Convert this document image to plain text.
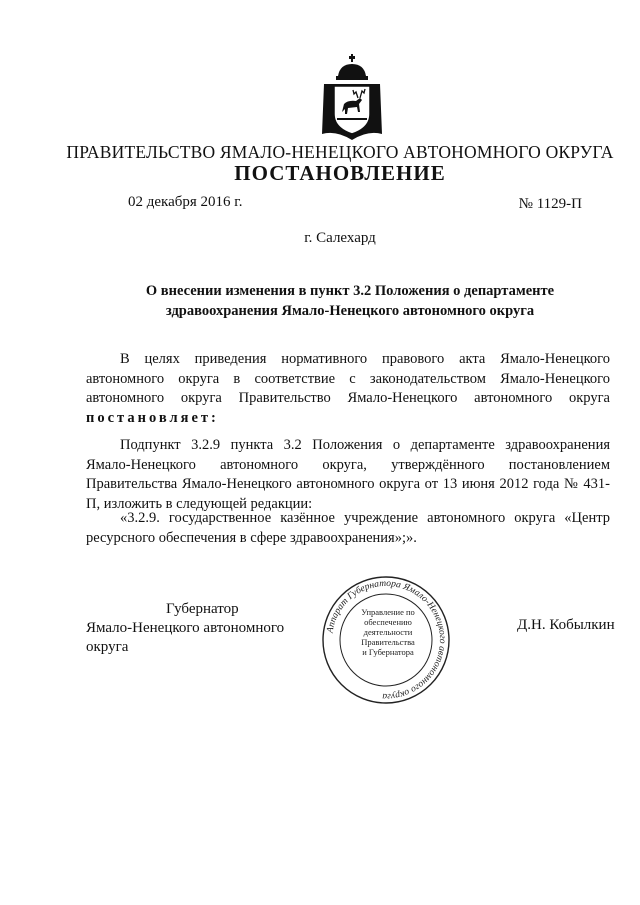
ПРАВИТЕЛЬСТВО ЯМАЛО-НЕНЕЦКОГО АВТОНОМНОГО ОКРУГА
ПОСТАНОВЛЕНИЕ
02 декабря 2016 г.	№ 1129-П
г. Салехард
О внесении изменения в пункт 3.2 Положения о департаменте здравоохранения Ямало-Ненецкого автономного округа

В целях приведения нормативного правового акта Ямало-Ненецкого автономного округа в соответствие с законодательством Ямало-Ненецкого автономного округа Правительство Ямало-Ненецкого автономного округа постановляет:

Подпункт 3.2.9 пункта 3.2 Положения о департаменте здравоохранения Ямало-Ненецкого автономного округа, утверждённого постановлением Правительства Ямало-Ненецкого автономного округа от 13 июня 2012 года № 431-П, изложить в следующей редакции:

«3.2.9. государственное казённое учреждение автономного округа «Центр ресурсного обеспечения в сфере здравоохранения»;».

Губернатор
Ямало-Ненецкого автономного округа
Д.Н. Кобылкин
Аппарат Губернатора Ямало-Ненецкого автономного округа
Управление по
обеспечению
деятельности
Правительства
и Губернатора
